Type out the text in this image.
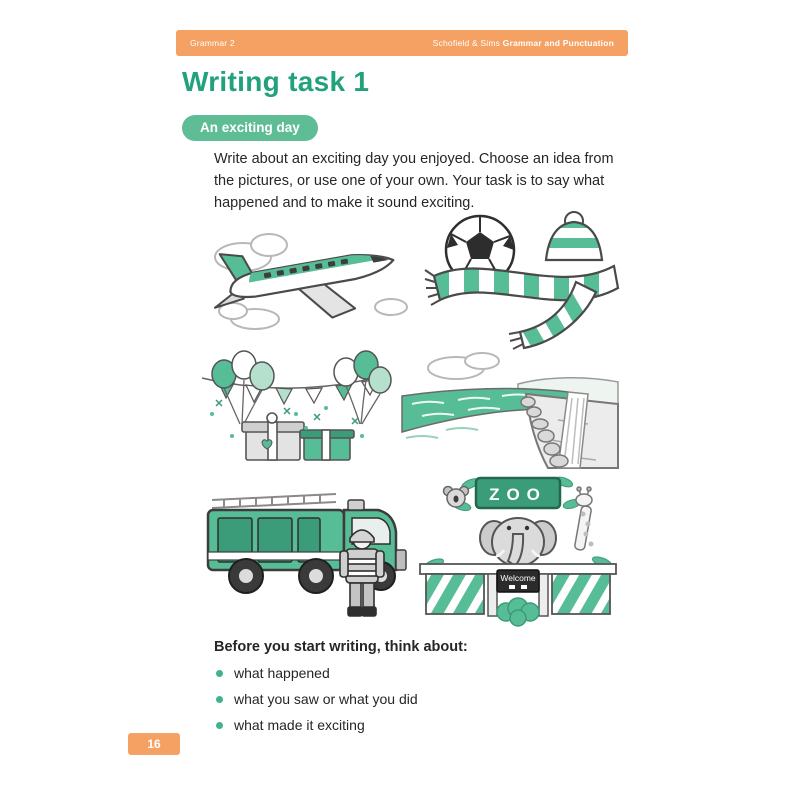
Grammar 2	Schofield & Sims Grammar and Punctuation
Writing task 1
An exciting day

Write about an exciting day you enjoyed. Choose an idea from the pictures, or use one of your own. Your task is to say what happened and to make it sound exciting.

ZOO
Welcome

Before you start writing, think about:

what happened
what you saw or what you did
what made it exciting
16
